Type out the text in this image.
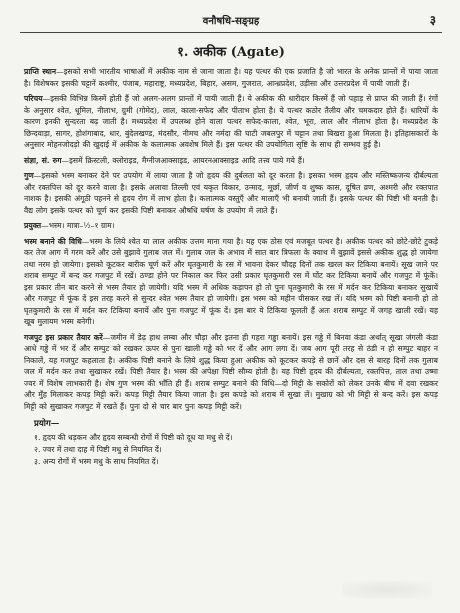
वनौषधि-सङ्ग्रह	३
१. अकीक (Agate)

प्राप्ति स्थान—इसको सभी भारतीय भाषाओं में अकीक नाम से जाना जाता है। यह पत्थर की एक प्रजाति है जो भारत के अनेक प्रान्तों में पाया जाता है। विशेषकर इसकी चट्टानें कश्मीर, पंजाब, महाराष्ट्र, मध्यप्रदेश, बिहार, असम, गुजरात, आन्ध्रप्रदेश, उड़ीसा और उत्तरप्रदेश में पायी जाती हैं।

परिचय—इसकी विभिन्न किस्में होती हैं जो अलग-अलग प्रान्तों में पायी जाती हैं। ये अकीक की धारीदार किस्में हैं जो पहाड़ से प्राप्त की जाती हैं। रंगों के अनुसार श्वेत, धूमिल, नीलाभ, ग्रुमी (गोमेद), लाल, काला-सफेद और पीताभ होता है। ये पत्थर कठोर तैलीय और चमकदार होते हैं। धारियों के कारण इनकी सुन्दरता बढ़ जाती है। मध्यप्रदेश में उपलब्ध होने वाला पत्थर सफेद-काला, श्वेत, भूरा, लाल और नीलाभ होता है। मध्यप्रदेश के छिन्दवाड़ा, सागर, होशंगाबाद, धार, बुंदेलखण्ड, मंदसौर, नीमच और नर्मदा की घाटी जबलपुर में चट्टान तथा बिखरा हुआ मिलता है। इतिहासकारों के अनुसार मोहनजोदड़ो की खुदाई में अकीक के कलात्मक अवशेष मिले हैं। इस पत्थर की उपयोगिता सृष्टि के साथ ही सम्भव हुई है।

संज्ञा, सं. रुग—इसमें क्रिस्टली, क्लोराइड, मैग्नीजआक्साइड, आयरनआक्साइड आदि तत्त्व पाये गये हैं।

गुण—इसको भस्म बनाकर देने पर उपयोग में लाया जाता है जो हृदय की दुर्बलता को दूर करता है। इसका भस्म हृदय और मस्तिष्कजन्य दौर्बल्यता और रक्तपित्त को दूर करने वाला है। इसके अलावा तिल्ली एवं यकृत विकार, उन्माद, मूर्छा, जीर्ण व शुष्क कास, दूषित व्रण, अश्मरी और रक्तपात नाशक है। इसकी अंगूठी पहनने से हृदय रोग में लाभ होता है। कलात्मक वस्तुएँ और मालाएँ भी बनायी जाती हैं। इसके पत्थर की पिष्टी भी बनती है। वैद्य लोग इसके पत्थर को चूर्ण कर इसकी पिष्टी बनाकर औषधि घर्षण के उपयोग में लाते हैं।

प्रयुक्त—भस्म। मात्रा–½–१ ग्राम।

भस्म बनाने की विधि—भस्म के लिये श्वेत या लाल अकीक उत्तम माना गया है। यह एक ठोस एवं मजबूत पत्थर है। अकीक पत्थर को छोटे-छोटे टुकड़े कर तेज आग में गरम करें और उसे बुझावे गुलाब जल में। गुलाब जल के अभाव में सात बार त्रिफला के क्वाथ में बुझावें इससे अकीक शुद्ध हो जायेगा तथा नरम हो जायेगा। इसको कूटकर बारीक चूर्ण करें और घृतकुमारी के रस में भावना देकर चौदह दिनों तक खरल कर टिकिया बनायें। सूख जाने पर शराब सम्पुट में बन्द कर गजपुट में रखें। ठण्डा होने पर निकाल कर फिर उसी प्रकार घृतकुमारी रस में घोंट कर टिकिया बनायें और गजपुट में फूंकें। इस प्रकार तीन बार करने से भस्म तैयार हो जायेगी। यदि भस्म में अधिक कड़ापन हो तो पुनः घृतकुमारी के रस में मर्दन कर टिकिया बनाकर सुखायें और गजपुट में फूंक दें इस तरह करने से सुन्दर श्वेत भस्म तैयार हो जायेगी। इस भस्म को महीन पीसकर रख लें। यदि भस्म को पिष्टी बनानी हो तो घृतकुमारी के रस में मर्दन कर टिकिया बनायें और पुनः गजपुट में फूंक दें। इस बार ये टिकिया फूलती हैं अतः शराब सम्पुट में जगह खाली रखें। यह खूब मुलायम भस्म बनेगी।

गजपुट इस प्रकार तैयार करें—जमीन में डेढ़ हाथ लम्बा और चौड़ा और इतना ही गहरा गड्ढा बनायें। इस गड्ढे में बिनवा कंडा अर्थात् सूखा जंगली कंडा आधे गड्ढे में भर दें और सम्पुट को रखकर ऊपर से पुनः खाली गड्ढे को भर दें और आग लगा दें। जब आग पूरी तरह से ठंडी न हो सम्पुट बाहर न निकालें, यह गजपुट कहलाता है। अकीक पिष्टी बनाने के लिये शुद्ध किया हुआ अकीक को कूटकर कपड़े से छानें और दस से बारह दिनों तक गुलाब जल में मर्दन कर तथा सुखाकर रखें। पिष्टी तैयार है। भस्म की अपेक्षा पिष्टी सौम्य होती है। यह पिष्टी हृदय की दौर्बल्यता, रक्तपित्त, ताल तथा उष्मा ज्वर में विशेष लाभकारी है। शेष गुण भस्म की भाँति ही हैं। शराब सम्पुट बनाने की विधि—दो मिट्टी के सकोरों को लेकर उनके बीच में दवा रखकर और मुँह मिलाकर कपड़ मिट्टी करें। कपड़ मिट्टी तैयार किया जाता है। इस कपड़े को शराब में सुखा लें। मुखाग्र को भी मिट्टी से बन्द करें। इस कपड़ मिट्टी को सुखाकर गजपुट में रखते हैं। पुनः दो से चार बार पुनः कपड़ मिट्टी करें।

प्रयोग—
१. हृदय की धड़कन और हृदय सम्बन्धी रोगों में पिष्टी को दूध या मधु से दें।
२. ज्वर में तथा दाह में पिष्टी मधु से नियमित दें।
३. अन्य रोगों में भस्म मधु के साथ नियमित दें।
